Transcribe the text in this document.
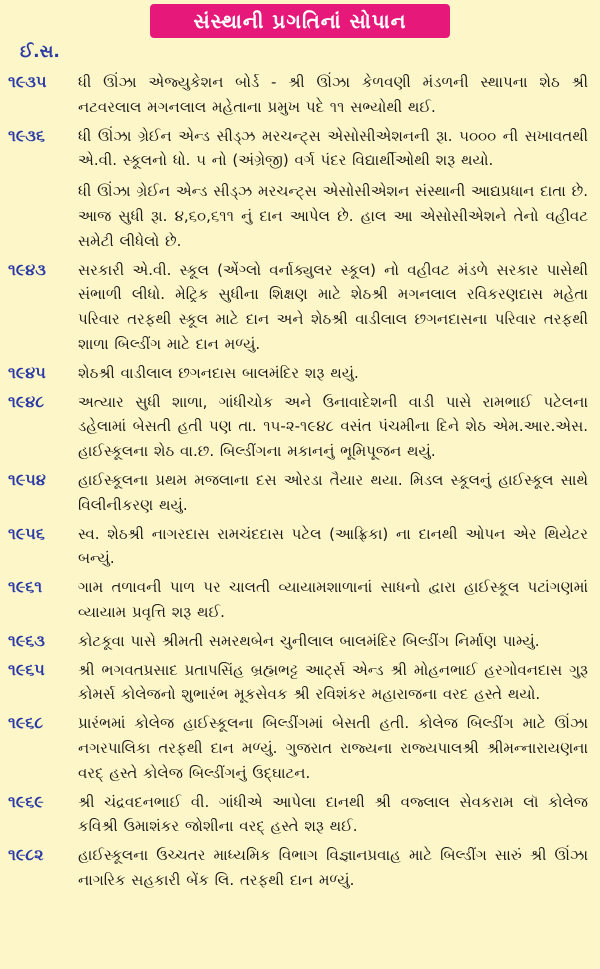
સંસ્થાની પ્રગતિનાં સોપાન
ઈ.સ.
૧૯૩૫	ધી ઊંઝા એજ્યુકેશન બોર્ડ - શ્રી ઊંઝા કેળવણી મંડળની સ્થાપના શેઠ શ્રી નટવરલાલ મગનલાલ મહેતાના પ્રમુખ પદે ૧૧ સભ્યોથી થઈ.
૧૯૩૬	ધી ઊંઝા ગ્રેઈન એન્ડ સીડ્ઝ મરચન્ટ્સ એસોસીએશનની રૂા. ૫૦૦૦ ની સખાવતથી એ.વી. સ્કૂલનો ધો. ૫ નો (અંગ્રેજી) વર્ગ પંદર વિદ્યાર્થીઓથી શરૂ થયો.
ધી ઊંઝા ગ્રેઈન એન્ડ સીડ્ઝ મરચન્ટ્સ એસોસીએશન સંસ્થાની આદ્યપ્રધાન દાતા છે. આજ સુધી રૂા. ૪,૬૦,૬૧૧ નું દાન આપેલ છે. હાલ આ એસોસીએશને તેનો વહીવટ સમેટી લીધેલો છે.
૧૯૪૩	સરકારી એ.વી. સ્કૂલ (એંગ્લો વર્નાક્યુલર સ્કૂલ) નો વહીવટ મંડળે સરકાર પાસેથી સંભાળી લીધો. મેટ્રિક સુધીના શિક્ષણ માટે શેઠશ્રી મગનલાલ રવિકરણદાસ મહેતા પરિવાર તરફથી સ્કૂલ માટે દાન અને શેઠશ્રી વાડીલાલ છગનદાસના પરિવાર તરફથી શાળા બિલ્ડીંગ માટે દાન મળ્યું.
૧૯૪૫	શેઠશ્રી વાડીલાલ છગનદાસ બાલમંદિર શરૂ થયું.
૧૯૪૮	અત્યાર સુધી શાળા, ગાંધીચોક અને ઉનાવાદેશની વાડી પાસે રામભાઈ પટેલના ડહેલામાં બેસતી હતી પણ તા. ૧૫-૨-૧૯૪૮ વસંત પંચમીના દિને શેઠ એમ.આર.એસ. હાઈસ્કૂલના શેઠ વા.છ. બિલ્ડીંગના મકાનનું ભૂમિપૂજન થયું.
૧૯૫૪	હાઈસ્કૂલના પ્રથમ મજલાના દસ ઓરડા તૈયાર થયા. મિડલ સ્કૂલનું હાઈસ્કૂલ સાથે વિલીનીકરણ થયું.
૧૯૫૬	સ્વ. શેઠશ્રી નાગરદાસ રામચંદદાસ પટેલ (આફ્રિકા) ના દાનથી ઓપન એર થિયેટર બન્યું.
૧૯૬૧	ગામ તળાવની પાળ પર ચાલતી વ્યાયામશાળાનાં સાધનો દ્વારા હાઈસ્કૂલ પટાંગણમાં વ્યાયામ પ્રવૃત્તિ શરૂ થઈ.
૧૯૬૩	કોટકૂવા પાસે શ્રીમતી સમરથબેન ચુનીલાલ બાલમંદિર બિલ્ડીંગ નિર્માણ પામ્યું.
૧૯૬૫	શ્રી ભગવતપ્રસાદ પ્રતાપસિંહ બ્રહ્મભટ્ટ આર્ટ્સ એન્ડ શ્રી મોહનભાઈ હરગોવનદાસ ગુરૂ કોમર્સ કોલેજનો શુભારંભ મૂકસેવક શ્રી રવિશંકર મહારાજના વરદ હસ્તે થયો.
૧૯૬૮	પ્રારંભમાં કોલેજ હાઈસ્કૂલના બિલ્ડીંગમાં બેસતી હતી. કોલેજ બિલ્ડીંગ માટે ઊંઝા નગરપાલિકા તરફથી દાન મળ્યું. ગુજરાત રાજ્યના રાજ્યપાલશ્રી શ્રીમન્નારાયણના વરદ્ હસ્તે કોલેજ બિલ્ડીંગનું ઉદ્ઘાટન.
૧૯૬૯	શ્રી ચંદ્રવદનભાઈ વી. ગાંધીએ આપેલા દાનથી શ્રી વજ્લાલ સેવકરામ લૉ કોલેજ કવિશ્રી ઉમાશંકર જોશીના વરદ્ હસ્તે શરૂ થઈ.
૧૯૮૨	હાઈસ્કૂલના ઉચ્ચતર માધ્યમિક વિભાગ વિજ્ઞાનપ્રવાહ માટે બિલ્ડીંગ સારું શ્રી ઊંઝા નાગરિક સહકારી બેંક લિ. તરફથી દાન મળ્યું.
